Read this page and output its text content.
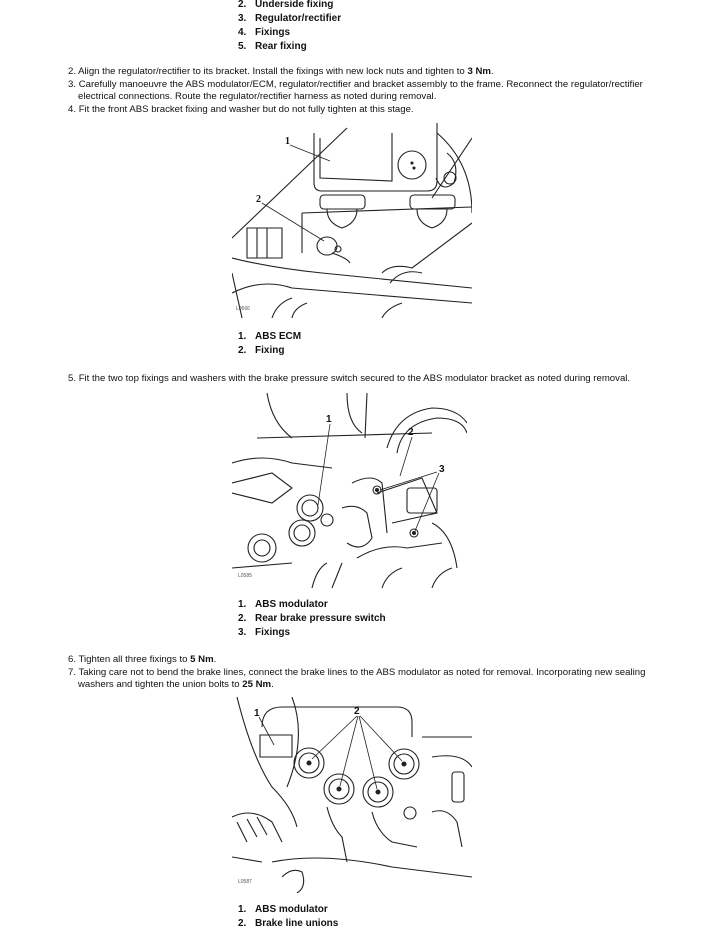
2. Underside fixing
3. Regulator/rectifier
4. Fixings
5. Rear fixing
2. Align the regulator/rectifier to its bracket. Install the fixings with new lock nuts and tighten to 3 Nm.
3. Carefully manoeuvre the ABS modulator/ECM, regulator/rectifier and bracket assembly to the frame. Reconnect the regulator/rectifier
electrical connections. Route the regulator/rectifier harness as noted during removal.
4. Fit the front ABS bracket fixing and washer but do not fully tighten at this stage.
1
2
L0566
1. ABS ECM
2. Fixing
5. Fit the two top fixings and washers with the brake pressure switch secured to the ABS modulator bracket as noted during removal.
1
2
3
L0585
1. ABS modulator
2. Rear brake pressure switch
3. Fixings
6. Tighten all three fixings to 5 Nm.
7. Taking care not to bend the brake lines, connect the brake lines to the ABS modulator as noted for removal. Incorporating new sealing
washers and tighten the union bolts to 25 Nm.
1	2
L0587
1. ABS modulator
2. Brake line unions
